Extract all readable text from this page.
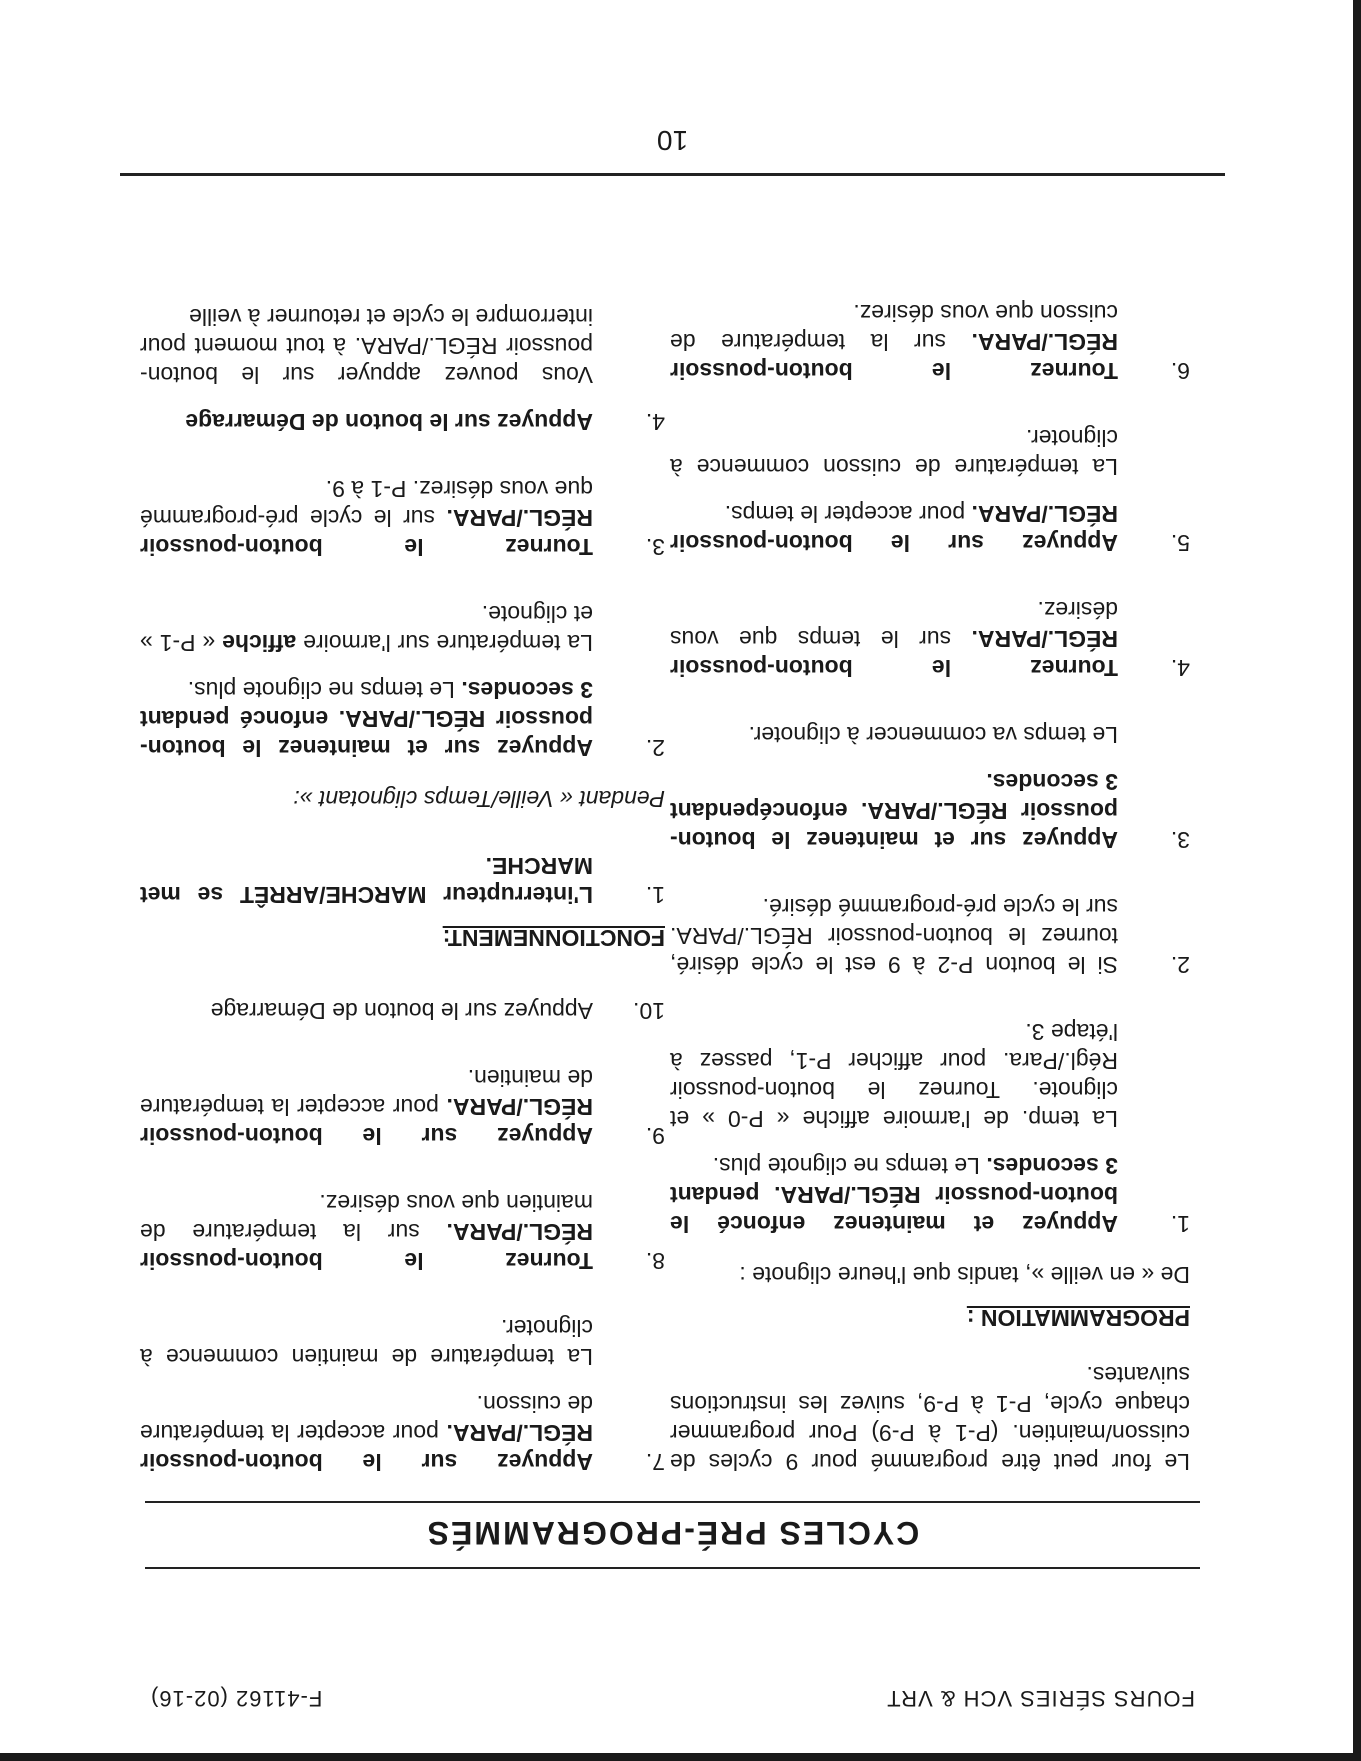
FOURS SÉRIES VCH & VRT
F-41162 (02-16)
CYCLES PRÉ-PROGRAMMÉS

Le four peut être programmé pour 9 cycles de cuisson/maintien. (P-1 à P-9) Pour programmer chaque cycle, P-1 à P-9, suivez les instructions suivantes.

PROGRAMMATION :

De « en veille », tandis que l'heure clignote :

1.

Appuyez et maintenez enfoncé le bouton-poussoir RÉGL./PARA. pendant 3 secondes. Le temps ne clignote plus.

La temp. de l'armoire affiche « P-0 » et clignote. Tournez le bouton-poussoir Régl./Para. pour afficher P-1, passez à l'étape 3.

2.

Si le bouton P-2 à 9 est le cycle désiré, tournez le bouton-poussoir RÉGL./PARA. sur le cycle pré-programmé désiré.

3.

Appuyez sur et maintenez le bouton-poussoir RÉGL./PARA. enfoncépendant 3 secondes.

Le temps va commencer à clignoter.

4.

Tournez le bouton-poussoir RÉGL./PARA. sur le temps que vous désirez.

5.

Appuyez sur le bouton-poussoir RÉGL./PARA. pour accepter le temps.

La température de cuisson commence à clignoter.

6.

Tournez le bouton-poussoir RÉGL./PARA. sur la température de cuisson que vous désirez.

7.

Appuyez sur le bouton-poussoir RÉGL./PARA. pour accepter la température de cuisson.

La température de maintien commence à clignoter.

8.

Tournez le bouton-poussoir RÉGL./PARA. sur la température de maintien que vous désirez.

9.

Appuyez sur le bouton-poussoir RÉGL./PARA. pour accepter la température de maintien.

10.

Appuyez sur le bouton de Démarrage

FONCTIONNEMENT:
1.

L'interrupteur MARCHE/ARRÊT se met MARCHE.

Pendant « Veille/Temps clignotant »:

2.

Appuyez sur et maintenez le bouton-poussoir RÉGL./PARA. enfoncé pendant 3 secondes. Le temps ne clignote plus.

La température sur l'armoire affiche « P-1 » et clignote.

3.

Tournez le bouton-poussoir RÉGL./PARA. sur le cycle pré-programmé que vous désirez. P-1 à 9.

4.

Appuyez sur le bouton de Démarrage

Vous pouvez appuyer sur le bouton-poussoir RÉGL./PARA. à tout moment pour interrompre le cycle et retourner à veille

10
